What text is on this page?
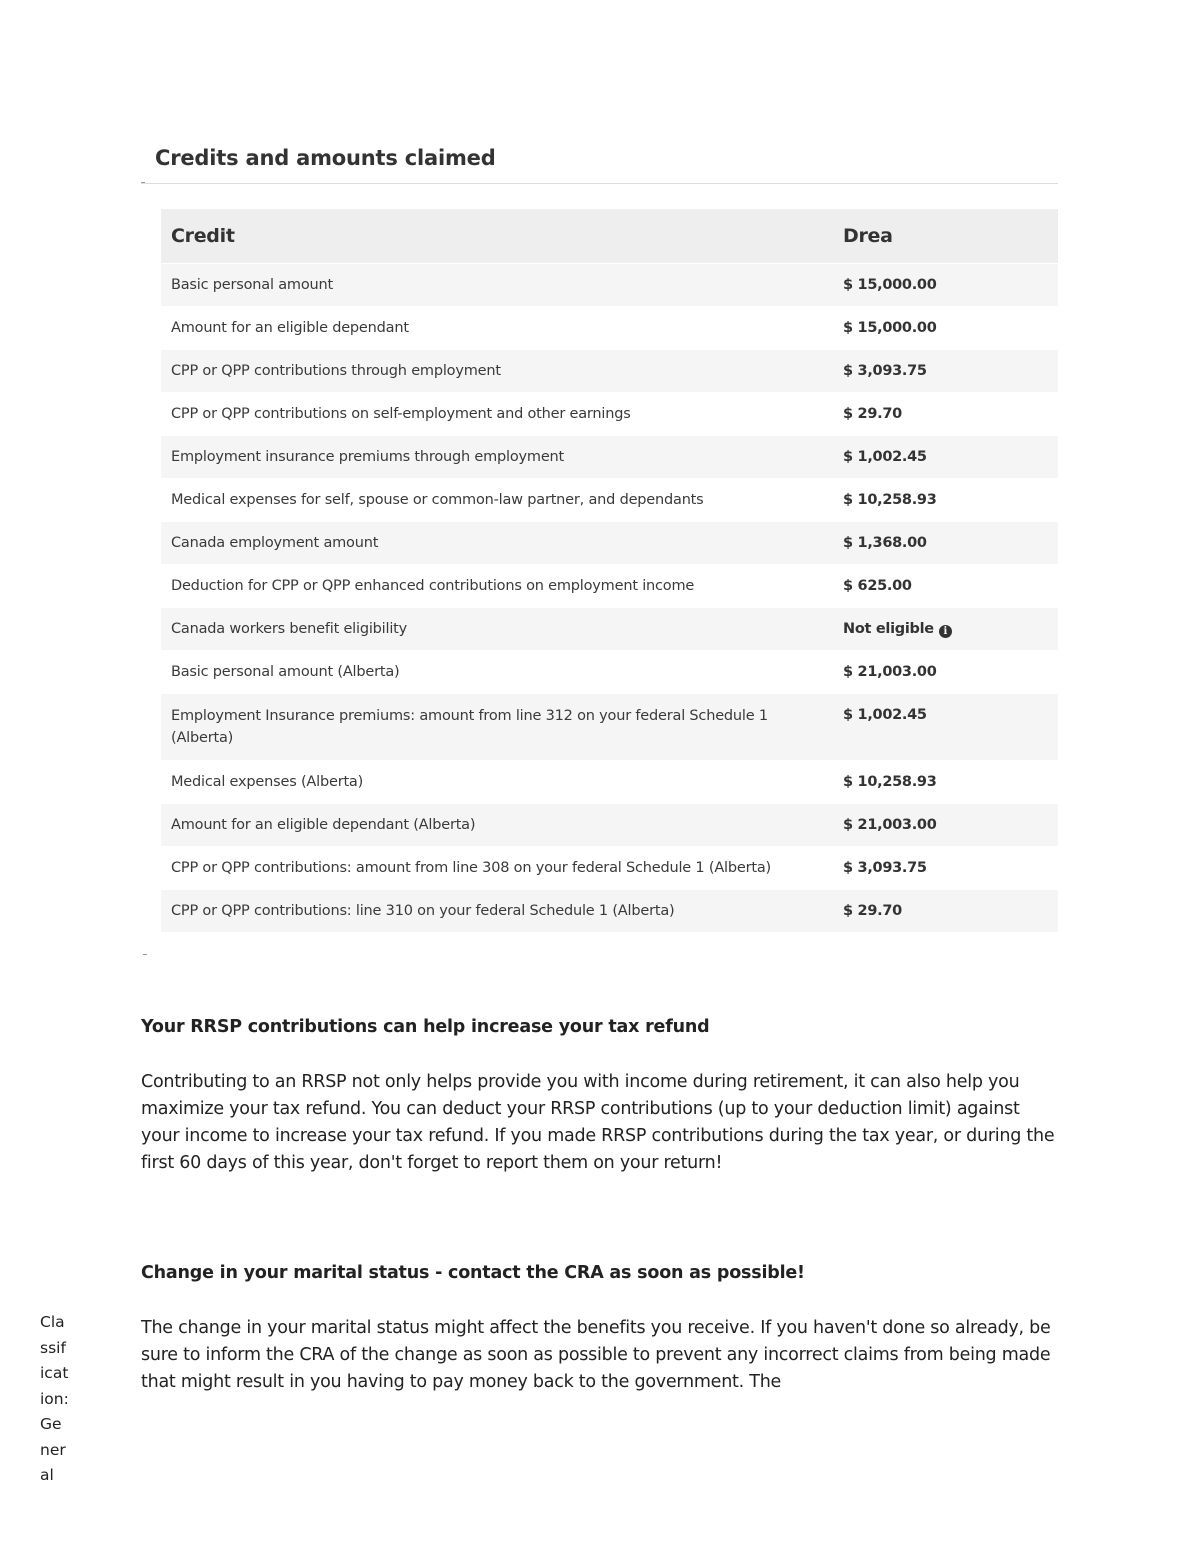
Credits and amounts claimed
Credit	Drea
Basic personal amount	$ 15,000.00
Amount for an eligible dependant	$ 15,000.00
CPP or QPP contributions through employment	$ 3,093.75
CPP or QPP contributions on self-employment and other earnings	$ 29.70
Employment insurance premiums through employment	$ 1,002.45
Medical expenses for self, spouse or common-law partner, and dependants	$ 10,258.93
Canada employment amount	$ 1,368.00
Deduction for CPP or QPP enhanced contributions on employment income	$ 625.00
Canada workers benefit eligibility	Not eligible i
Basic personal amount (Alberta)	$ 21,003.00
Employment Insurance premiums: amount from line 312 on your federal Schedule 1 (Alberta)	$ 1,002.45
Medical expenses (Alberta)	$ 10,258.93
Amount for an eligible dependant (Alberta)	$ 21,003.00
CPP or QPP contributions: amount from line 308 on your federal Schedule 1 (Alberta)	$ 3,093.75
CPP or QPP contributions: line 310 on your federal Schedule 1 (Alberta)	$ 29.70
Your RRSP contributions can help increase your tax refund

Contributing to an RRSP not only helps provide you with income during retirement, it can also help you maximize your tax refund. You can deduct your RRSP contributions (up to your deduction limit) against your income to increase your tax refund. If you made RRSP contributions during the tax year, or during the first 60 days of this year, don't forget to report them on your return!

Change in your marital status - contact the CRA as soon as possible!

The change in your marital status might affect the benefits you receive. If you haven't done so already, be sure to inform the CRA of the change as soon as possible to prevent any incorrect claims from being made that might result in you having to pay money back to the government. The

Classification: General
